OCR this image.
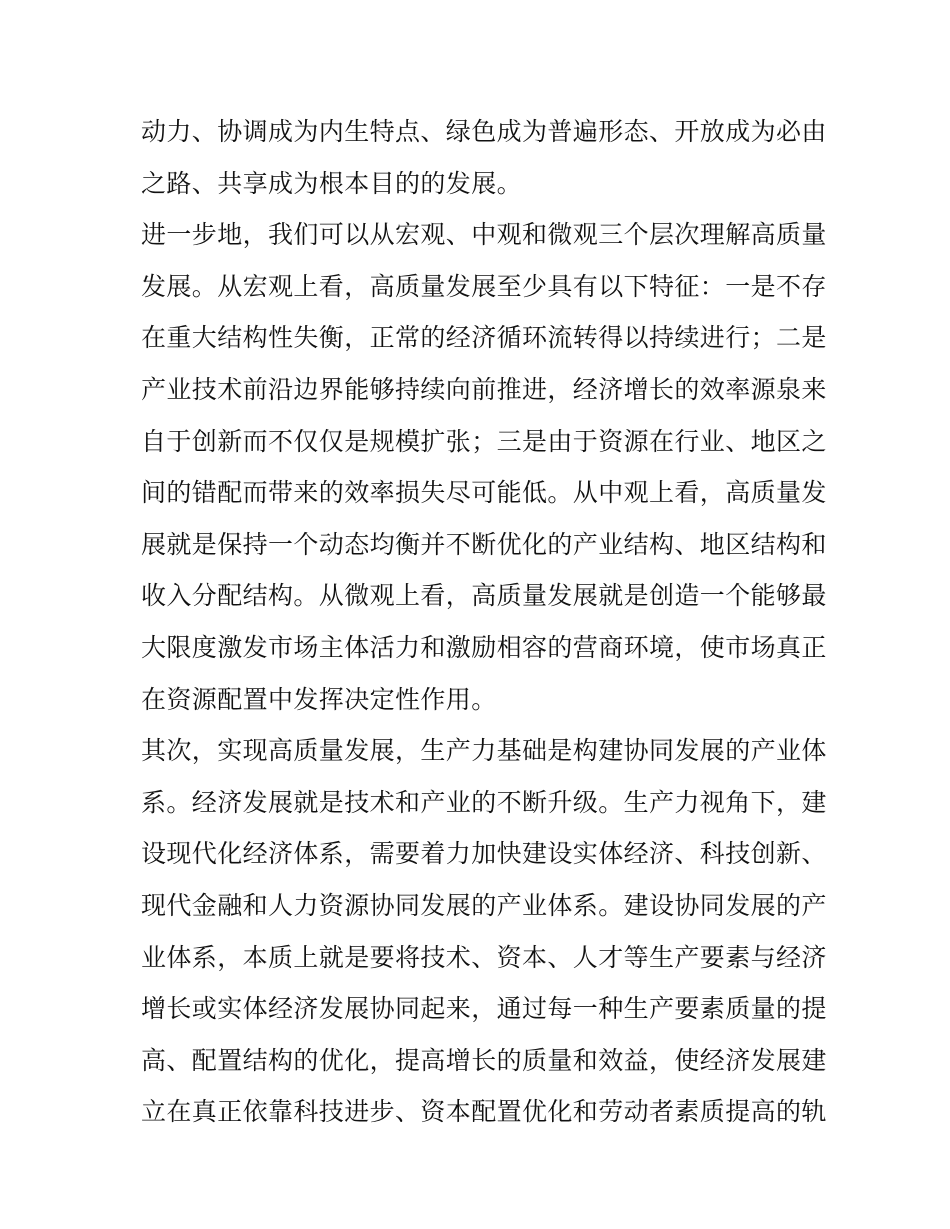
动力、协调成为内生特点、绿色成为普遍形态、开放成为必由
之路、共享成为根本目的的发展。
进一步地，我们可以从宏观、中观和微观三个层次理解高质量
发展。从宏观上看，高质量发展至少具有以下特征：一是不存
在重大结构性失衡，正常的经济循环流转得以持续进行；二是
产业技术前沿边界能够持续向前推进，经济增长的效率源泉来
自于创新而不仅仅是规模扩张；三是由于资源在行业、地区之
间的错配而带来的效率损失尽可能低。从中观上看，高质量发
展就是保持一个动态均衡并不断优化的产业结构、地区结构和
收入分配结构。从微观上看，高质量发展就是创造一个能够最
大限度激发市场主体活力和激励相容的营商环境，使市场真正
在资源配置中发挥决定性作用。
其次，实现高质量发展，生产力基础是构建协同发展的产业体
系。经济发展就是技术和产业的不断升级。生产力视角下，建
设现代化经济体系，需要着力加快建设实体经济、科技创新、
现代金融和人力资源协同发展的产业体系。建设协同发展的产
业体系，本质上就是要将技术、资本、人才等生产要素与经济
增长或实体经济发展协同起来，通过每一种生产要素质量的提
高、配置结构的优化，提高增长的质量和效益，使经济发展建
立在真正依靠科技进步、资本配置优化和劳动者素质提高的轨
